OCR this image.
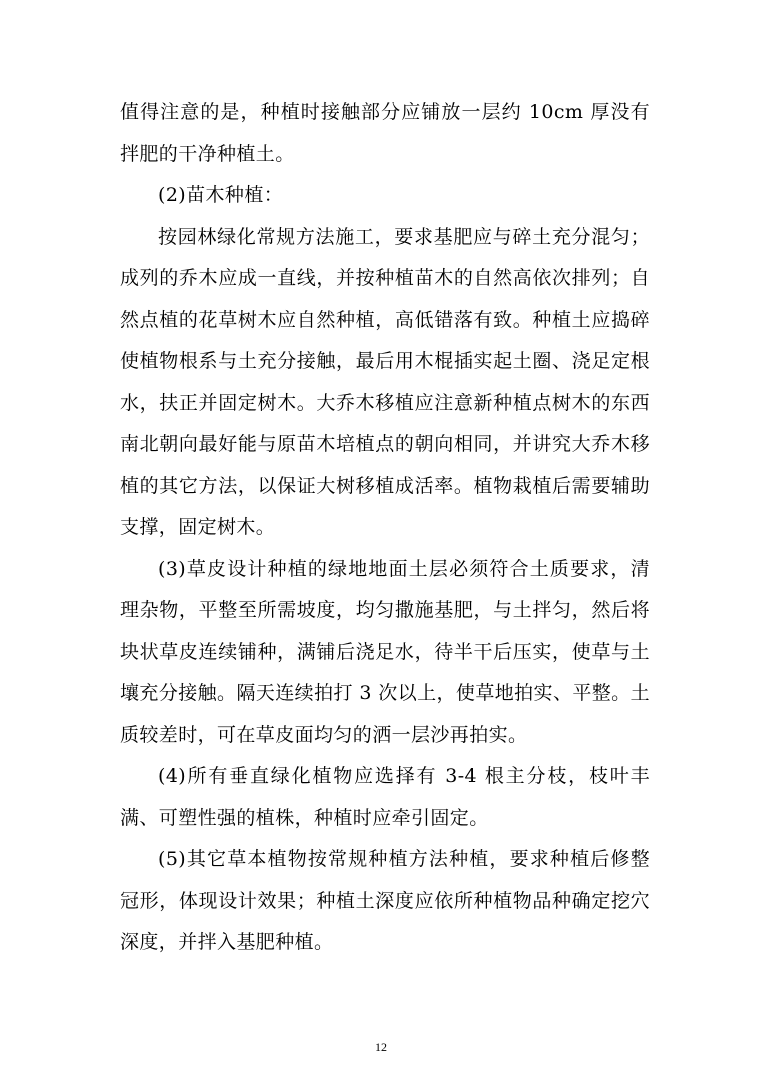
值得注意的是，种植时接触部分应铺放一层约 10cm 厚没有拌肥的干净种植土。

(2)苗木种植：

按园林绿化常规方法施工，要求基肥应与碎土充分混匀；成列的乔木应成一直线，并按种植苗木的自然高依次排列；自然点植的花草树木应自然种植，高低错落有致。种植土应捣碎使植物根系与土充分接触，最后用木棍插实起土圈、浇足定根水，扶正并固定树木。大乔木移植应注意新种植点树木的东西南北朝向最好能与原苗木培植点的朝向相同，并讲究大乔木移植的其它方法，以保证大树移植成活率。植物栽植后需要辅助支撑，固定树木。

(3)草皮设计种植的绿地地面土层必须符合土质要求，清理杂物，平整至所需坡度，均匀撒施基肥，与土拌匀，然后将块状草皮连续铺种，满铺后浇足水，待半干后压实，使草与土壤充分接触。隔天连续拍打 3 次以上，使草地拍实、平整。土质较差时，可在草皮面均匀的洒一层沙再拍实。

(4)所有垂直绿化植物应选择有 3-4 根主分枝，枝叶丰满、可塑性强的植株，种植时应牵引固定。

(5)其它草本植物按常规种植方法种植，要求种植后修整冠形，体现设计效果；种植土深度应依所种植物品种确定挖穴深度，并拌入基肥种植。

12
